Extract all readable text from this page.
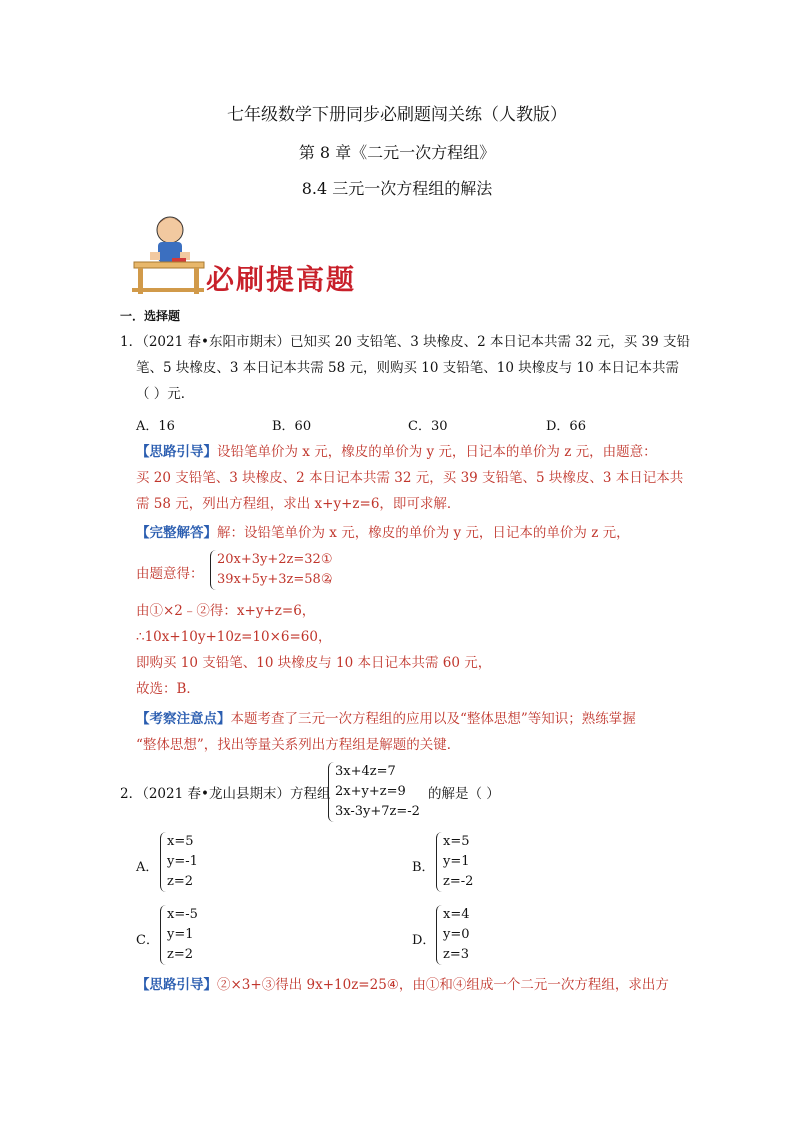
七年级数学下册同步必刷题闯关练（人教版）
第 8 章《二元一次方程组》
8.4 三元一次方程组的解法
必刷提高题
一．选择题
1．（2021 春•东阳市期末）已知买 20 支铅笔、3 块橡皮、2 本日记本共需 32 元，买 39 支铅
笔、5 块橡皮、3 本日记本共需 58 元，则购买 10 支铅笔、10 块橡皮与 10 本日记本共需
（ ）元．
A．16	B．60	C．30	D．66
【思路引导】设铅笔单价为 x 元，橡皮的单价为 y 元，日记本的单价为 z 元，由题意：
买 20 支铅笔、3 块橡皮、2 本日记本共需 32 元，买 39 支铅笔、5 块橡皮、3 本日记本共
需 58 元，列出方程组，求出 x+y+z=6，即可求解．
【完整解答】解：设铅笔单价为 x 元，橡皮的单价为 y 元，日记本的单价为 z 元，
由题意得：
20x+3y+2z=32①
39x+5y+3z=58②
，
由①×2﹣②得：x+y+z=6，
∴10x+10y+10z=10×6=60，
即购买 10 支铅笔、10 块橡皮与 10 本日记本共需 60 元，
故选：B．
【考察注意点】本题考查了三元一次方程组的应用以及“整体思想”等知识；熟练掌握
“整体思想”，找出等量关系列出方程组是解题的关键．
2．（2021 春•龙山县期末）方程组
3x+4z=7
2x+y+z=9
3x-3y+7z=-2
的解是（ ）
A．
x=5
y=-1
z=2
B．
x=5
y=1
z=-2
C．
x=-5
y=1
z=2
D．
x=4
y=0
z=3
【思路引导】②×3+③得出 9x+10z=25④，由①和④组成一个二元一次方程组，求出方
